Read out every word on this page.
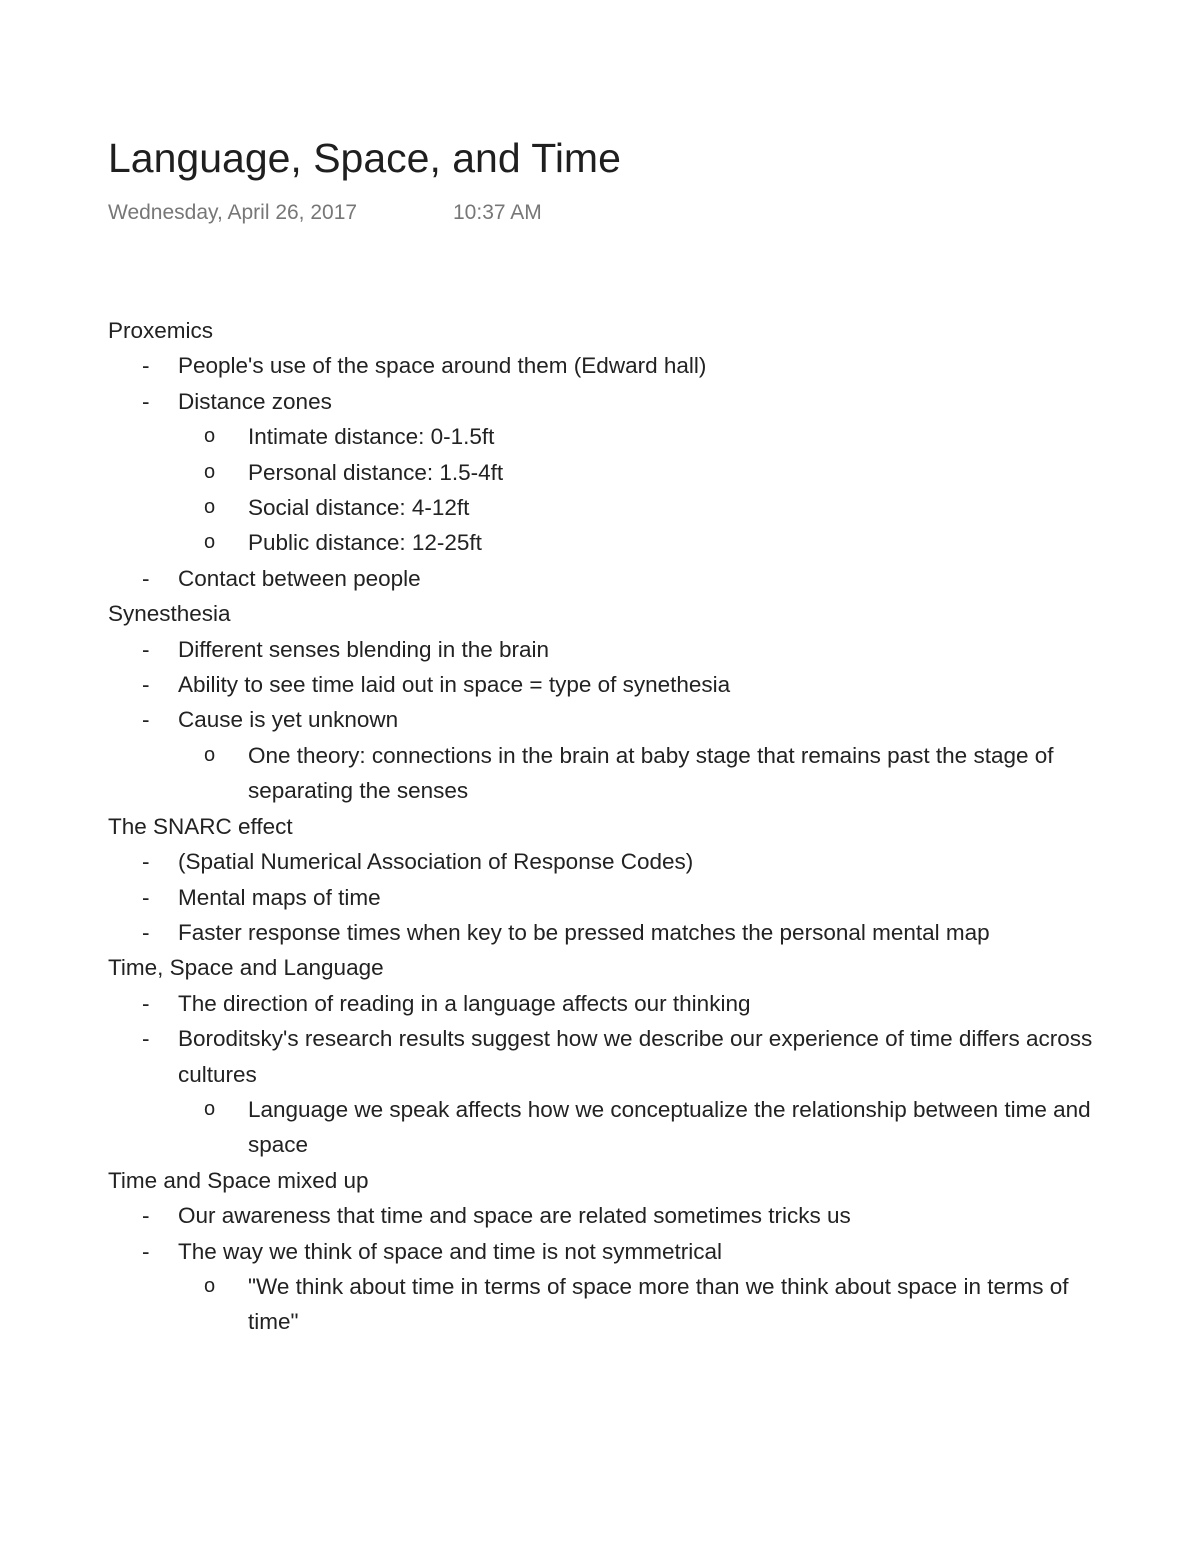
Language, Space, and Time
Wednesday, April 26, 2017	10:37 AM
Proxemics
- People's use of the space around them (Edward hall)
- Distance zones
o Intimate distance: 0-1.5ft
o Personal distance: 1.5-4ft
o Social distance: 4-12ft
o Public distance: 12-25ft
- Contact between people
Synesthesia
- Different senses blending in the brain
- Ability to see time laid out in space = type of synethesia
- Cause is yet unknown
o One theory: connections in the brain at baby stage that remains past the stage of separating the senses
The SNARC effect
- (Spatial Numerical Association of Response Codes)
- Mental maps of time
- Faster response times when key to be pressed matches the personal mental map
Time, Space and Language
- The direction of reading in a language affects our thinking
- Boroditsky's research results suggest how we describe our experience of time differs across cultures
o Language we speak affects how we conceptualize the relationship between time and space
Time and Space mixed up
- Our awareness that time and space are related sometimes tricks us
- The way we think of space and time is not symmetrical
o "We think about time in terms of space more than we think about space in terms of time"
